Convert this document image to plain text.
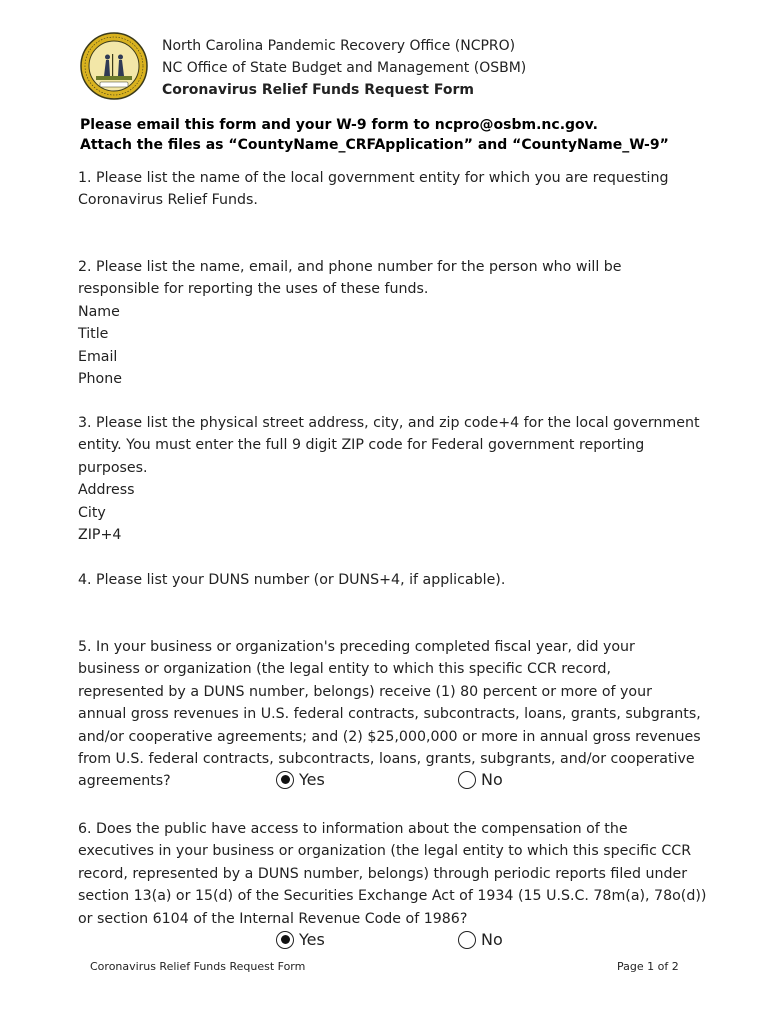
North Carolina Pandemic Recovery Office (NCPRO)
NC Office of State Budget and Management (OSBM)
Coronavirus Relief Funds Request Form
Please email this form and your W-9 form to ncpro@osbm.nc.gov.
Attach the files as “CountyName_CRFApplication” and “CountyName_W-9”
1. Please list the name of the local government entity for which you are requesting
Coronavirus Relief Funds.
2. Please list the name, email, and phone number for the person who will be
responsible for reporting the uses of these funds.
Name
Title
Email
Phone
3. Please list the physical street address, city, and zip code+4 for the local government
entity. You must enter the full 9 digit ZIP code for Federal government reporting
purposes.
Address
City
ZIP+4
4. Please list your DUNS number (or DUNS+4, if applicable).
5. In your business or organization's preceding completed fiscal year, did your
business or organization (the legal entity to which this specific CCR record,
represented by a DUNS number, belongs) receive (1) 80 percent or more of your
annual gross revenues in U.S. federal contracts, subcontracts, loans, grants, subgrants,
and/or cooperative agreements; and (2) $25,000,000 or more in annual gross revenues
from U.S. federal contracts, subcontracts, loans, grants, subgrants, and/or cooperative
agreements?	Yes	No
6. Does the public have access to information about the compensation of the
executives in your business or organization (the legal entity to which this specific CCR
record, represented by a DUNS number, belongs) through periodic reports filed under
section 13(a) or 15(d) of the Securities Exchange Act of 1934 (15 U.S.C. 78m(a), 78o(d))
or section 6104 of the Internal Revenue Code of 1986?
Yes	No
Coronavirus Relief Funds Request Form	Page 1 of 2
